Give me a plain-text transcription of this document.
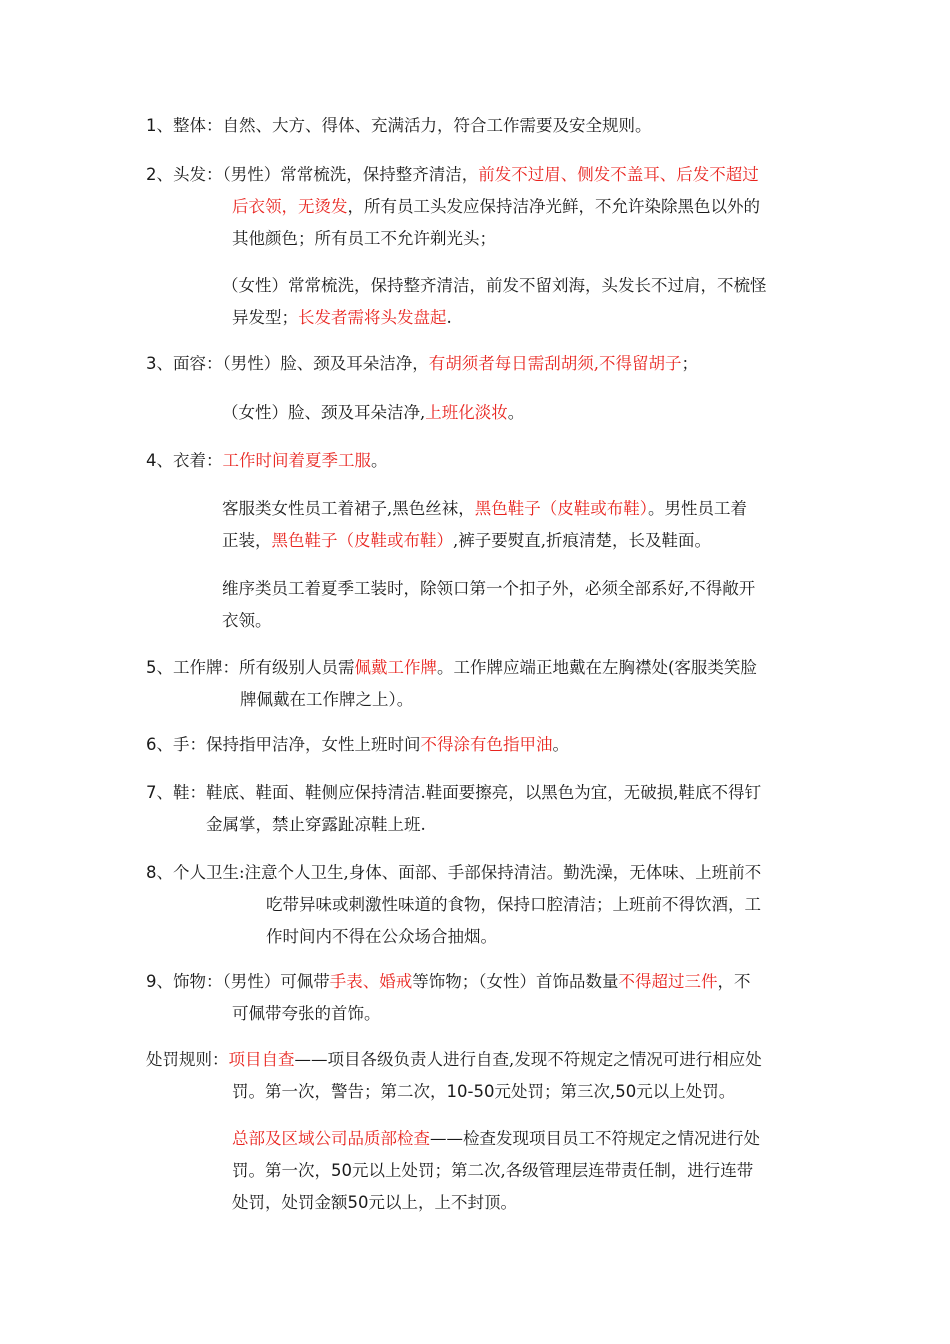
1、整体：自然、大方、得体、充满活力，符合工作需要及安全规则。
2、头发：（男性）常常梳洗，保持整齐清洁，前发不过眉、侧发不盖耳、后发不超过
后衣领，无烫发，所有员工头发应保持洁净光鲜，不允许染除黑色以外的
其他颜色；所有员工不允许剃光头；
（女性）常常梳洗，保持整齐清洁，前发不留刘海，头发长不过肩，不梳怪
异发型；长发者需将头发盘起.
3、面容：（男性）脸、颈及耳朵洁净，有胡须者每日需刮胡须,不得留胡子；
（女性）脸、颈及耳朵洁净,上班化淡妆。
4、衣着：工作时间着夏季工服。
客服类女性员工着裙子,黑色丝袜，黑色鞋子（皮鞋或布鞋）。男性员工着
正装，黑色鞋子（皮鞋或布鞋）,裤子要熨直,折痕清楚，长及鞋面。
维序类员工着夏季工装时，除领口第一个扣子外，必须全部系好,不得敞开
衣领。
5、工作牌：所有级别人员需佩戴工作牌。工作牌应端正地戴在左胸襟处(客服类笑脸
牌佩戴在工作牌之上）。
6、手：保持指甲洁净，女性上班时间不得涂有色指甲油。
7、鞋：鞋底、鞋面、鞋侧应保持清洁.鞋面要擦亮，以黑色为宜，无破损,鞋底不得钉
金属掌，禁止穿露趾凉鞋上班.
8、个人卫生:注意个人卫生,身体、面部、手部保持清洁。勤洗澡，无体味、上班前不
吃带异味或刺激性味道的食物，保持口腔清洁；上班前不得饮酒，工
作时间内不得在公众场合抽烟。
9、饰物：（男性）可佩带手表、婚戒等饰物；（女性）首饰品数量不得超过三件，不
可佩带夸张的首饰。
处罚规则：项目自查——项目各级负责人进行自查,发现不符规定之情况可进行相应处
罚。第一次，警告；第二次，10-50元处罚；第三次,50元以上处罚。
总部及区域公司品质部检查——检查发现项目员工不符规定之情况进行处
罚。第一次，50元以上处罚；第二次,各级管理层连带责任制，进行连带
处罚，处罚金额50元以上，上不封顶。
